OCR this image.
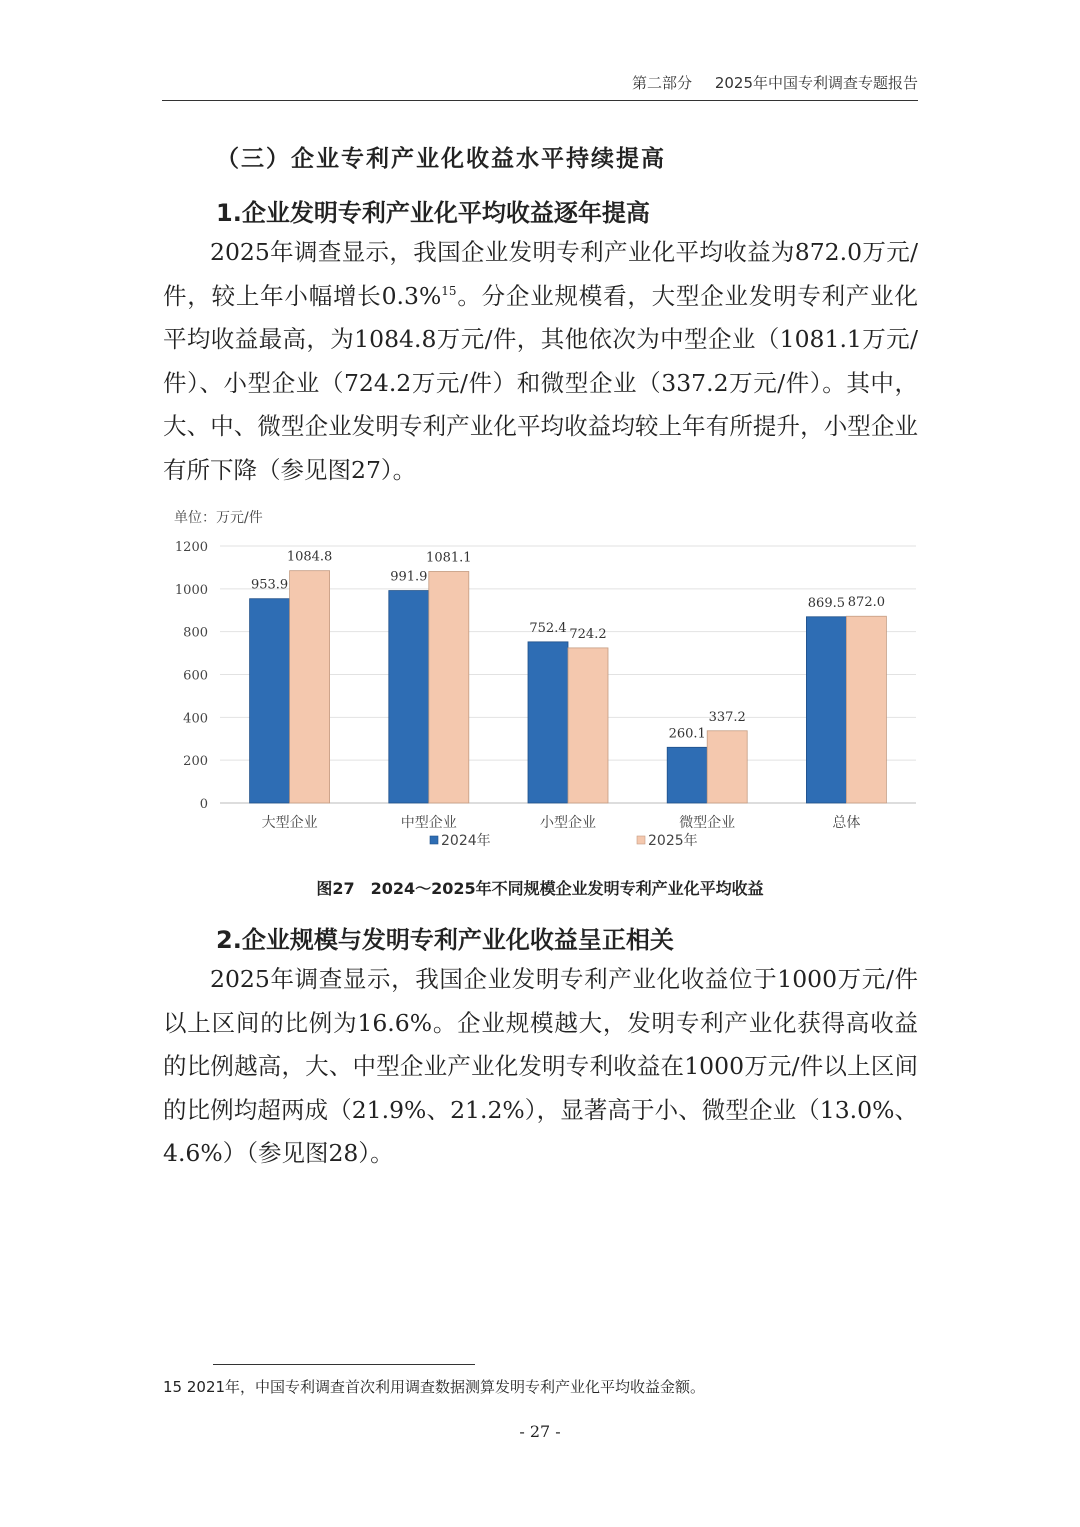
第二部分 2025年中国专利调查专题报告
（三）企业专利产业化收益水平持续提高
1.企业发明专利产业化平均收益逐年提高
2025年调查显示，我国企业发明专利产业化平均收益为872.0万元/件，较上年小幅增长0.3%$^{15}$。分企业规模看，大型企业发明专利产业化平均收益最高，为1084.8万元/件，其他依次为中型企业（1081.1万元/件）、小型企业（724.2万元/件）和微型企业（337.2万元/件）。其中，大、中、微型企业发明专利产业化平均收益均较上年有所提升，小型企业有所下降（参见图27）。
单位：万元/件
0
200
400
600
800
1000
1200
953.9
1084.8
大型企业
991.9
1081.1
中型企业
752.4 724.2
小型企业
260.1
337.2
微型企业
869.5 872.0
总体
2024年	2025年
图27　2024～2025年不同规模企业发明专利产业化平均收益
2.企业规模与发明专利产业化收益呈正相关
2025年调查显示，我国企业发明专利产业化收益位于1000万元/件以上区间的比例为16.6%。企业规模越大，发明专利产业化获得高收益的比例越高，大、中型企业产业化发明专利收益在1000万元/件以上区间的比例均超两成（21.9%、21.2%），显著高于小、微型企业（13.0%、4.6%）（参见图28）。
15 2021年，中国专利调查首次利用调查数据测算发明专利产业化平均收益金额。
- 27 -
